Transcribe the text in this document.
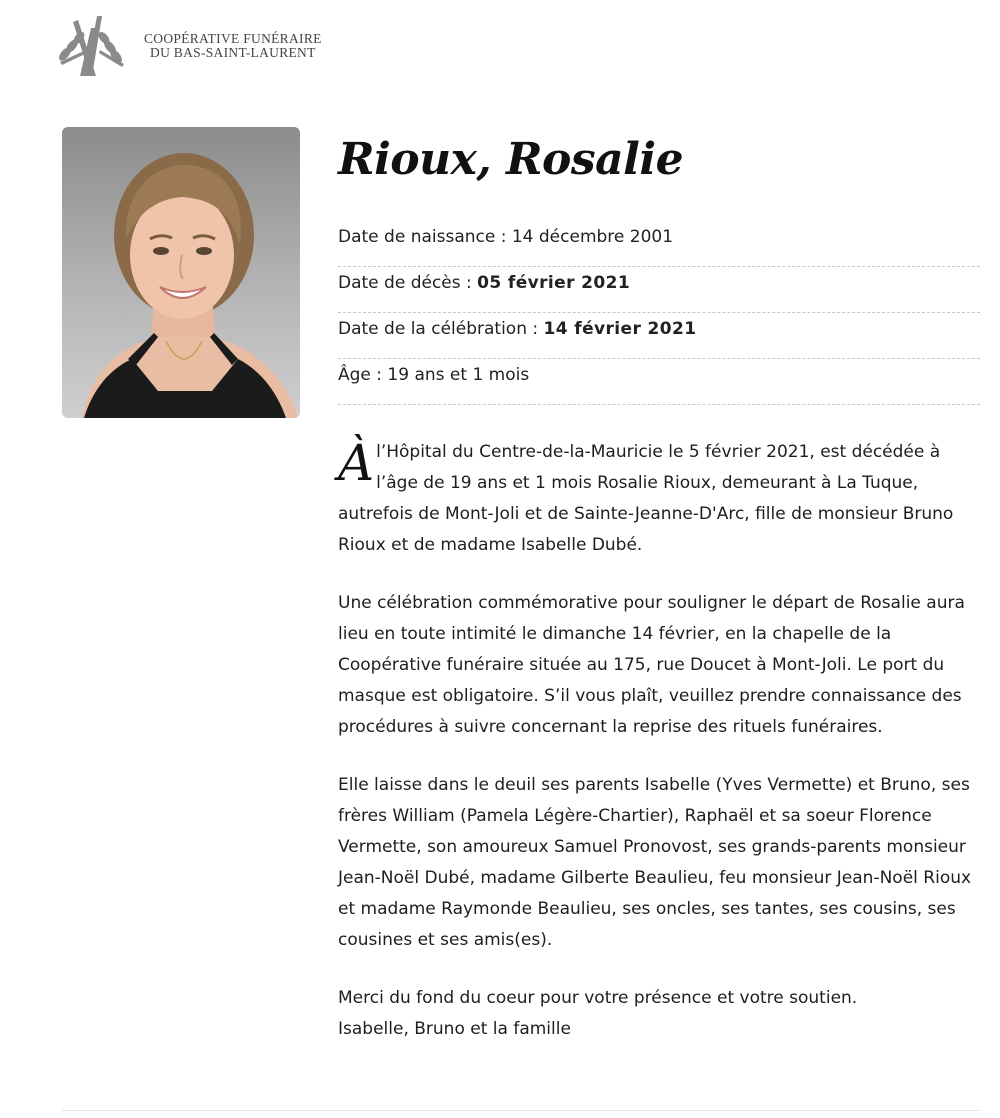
COOPÉRATIVE FUNÉRAIRE
DU BAS-SAINT-LAURENT
Rioux, Rosalie
Date de naissance : 14 décembre 2001
Date de décès : 05 février 2021
Date de la célébration : 14 février 2021
Âge : 19 ans et 1 mois

Àl’Hôpital du Centre-de-la-Mauricie le 5 février 2021, est décédée à l’âge de 19 ans et 1 mois Rosalie Rioux, demeurant à La Tuque, autrefois de Mont-Joli et de Sainte-Jeanne-D'Arc, fille de monsieur Bruno Rioux et de madame Isabelle Dubé.

Une célébration commémorative pour souligner le départ de Rosalie aura lieu en toute intimité le dimanche 14 février, en la chapelle de la Coopérative funéraire située au 175, rue Doucet à Mont-Joli. Le port du masque est obligatoire. S’il vous plaît, veuillez prendre connaissance des procédures à suivre concernant la reprise des rituels funéraires.

Elle laisse dans le deuil ses parents Isabelle (Yves Vermette) et Bruno, ses frères William (Pamela Légère-Chartier), Raphaël et sa soeur Florence Vermette, son amoureux Samuel Pronovost, ses grands-parents monsieur Jean-Noël Dubé, madame Gilberte Beaulieu, feu monsieur Jean-Noël Rioux et madame Raymonde Beaulieu, ses oncles, ses tantes, ses cousins, ses cousines et ses amis(es).

Merci du fond du coeur pour votre présence et votre soutien.
Isabelle, Bruno et la famille
